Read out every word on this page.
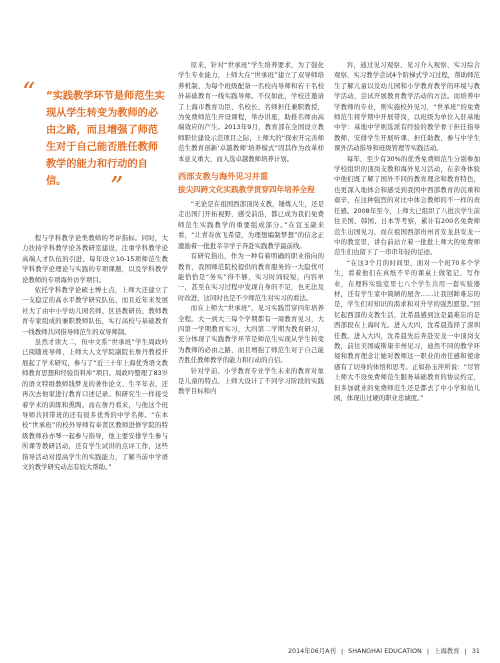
“ “实践教学环节是师范生实现从学生转变为教师的必由之路，而且增强了师范生对于自己能否胜任教师教学的能力和行动的自信。	”

程与学科教学论类教师的考评指标。同时，大力扶持学科教学论各教研室建设，注重学科教学论高端人才队伍的引进，每年设立10-15项师范生教学科教学论理论与实践的专项课题，以及学科教学论教师的专项海外访学项目。

依托学科教学论硕士博士点，上师大还建立了一支稳定的高水平教学研究队伍，而且近年来发展社大了由中小学幼儿园名师、区县教研员、教师教育专家组成的兼职教师队伍，实行高校与基础教育一线教师共同指导师范生的双导师制。

虽然才读大二，但中文系“世承班”学生周政吟已阅随班导师、上师大人文学院副院长詹丹教授开展起了学术研究，参与了“近三十年上海优秀语文教师教育思想和经验资料库”项目。周政吟整理了83岁的语文特级教师钱梦龙的著作论文、生平年表，还再次去他家进行教育口述记录。积研究生一样接受着学术的训练和熏陶。而在詹丹看来，与他这个班导师共同带班的还有很多优秀的中学名师。“在本校“世承班”的校外导师有奉贤区教师进修学院的特级教师孙亦琴一起参与指导，他主要安排学生参与所课等教研活动，还有学生试讲的点评工作，这些指导活动对提高学生的实践能力，了解当前中学语文的教学研究动态有较大帮助。”

原来，针对“世承班”学生培养要求，为了强化学生专业能力，上师大在“世承班”建立了双导师培养机制，为每个班级配备一名校内导师和若干名校外基础教育一线实践导师。不仅如此，学校还邀请了上海市教育功臣、名校长、名师担任兼职教授，为免费师范生开设课程，举办讲座，助推名师由高端效应的产生。2013年9月，教育部在全国设立教师职位建设示范项目之际，上师大的“探索开完善师范生教育创新‘卓越教师’培养模式”因其作为改革样本意义重大，而入选卓越教师培养计划。

西部支教与海外见习并重
拔尖四跨文化实践教学贯穿四年培养全程

“无论是在祖国西部顶岗支教，锤炼人生，还是走出国门开拓视野，感受前沿，都已成为我们免费师范生实践教学的重要组成部分。”在宣玉副来看，“让青春放飞希望，为理想编制梦想”的信念正激励着一批批莘莘学子奔赴实践教学最前线。

有研究指出，作为一种有着明确的职业指向的教育，我国师范院校提供的教育服务的一大隐忧可能恰恰是“务实”得不够，实习时间较短，内容单一，甚至在实习过程中发现自身的不足，也无法及时改进，这同时也是不少师范生对实习的看法。

而在上师大“世承班”，见习实践贯穿四年培养全程。大一到大三每个学期都有一周教育见习，大四第一学期教育实习，大四第二学期为教育研习，充分体现了实践教学环节是师范生实现从学生转变为教师的必由之路，而且增强了师范生对于自己能否胜任教师教学的能力和行动的自信。

针对学前、小学教育专业学生未来的教育对象是儿童的特点，上师大设计了不同学习阶段的实践教学目标和内

容，通过见习观察、见习介入观察、实习综合观察、实习教学尝试4个阶梯式学习过程，帮助师范生了解儿童以及幼儿园和小学教育教学的环境与教学活动，尝试开展教育教学活动的方法。而培养中学教师的专业，则实施校外见习，“世承班”的免费师范生将学期中开展带岗，以班级为单位入驻基地中学：基地中学则选派有经验的教学骨干担任指导教师，安排学生开展听课、担任助教，参与中学生课外活动指导和班级管理等实践活动。

每年，至少有30%的优秀免费师范生分别参加学校组织的顶岗支教和海外见习活动，在亲身体验中他们既了解了国外不同的教育理念和教育特色，也更深入地体会和感受到我国中西部教育的沉重和艰辛，在这种强烈的对比中体会教师的不一样的责任感。2008年至今，上师大已组织了八批次学生前往美国、韩国、日本等考察，累计有200名免费师范生出国见习，而在祖国西部贵州省安龙县安龙一中的教室里，讲台前站立着一批批上师大的免费师范生们也留下了一串串年轻的足迹。

“在这3个月的时间里，面对一个班70多个学生，看着他们在真纸不平的课桌上做笔记、写作业，在理科实验室里七八个学生共用一套实验器材，还有学生家中简陋的屋舍……让我回眸难忘的是，学生们对知识的渴求和对升学的强烈愿望。”回忆起西部的支教生活，沈希晨感到这是最难忘的是西部段在上海时光。进入大四，沈希晨选择了深圳任教。进入大四，沈希晨先后奔赴安龙一中顶岗支教，前往美国威斯康辛州见习，迪然不同的教学环境和教育理念让她对教师这一职业的责任感和使命感有了切身的体悟和思考。正如孙玉萍所说：“尽管上师大不设免费师范生服务基础教育的协议约定，但多加就业的免费师范生还是都去了中小学和幼儿园，体现出过硬的职业忠诚度。”

2014年06月A刊 | SHANGHAI EDUCATION | 上海教育 | 31
